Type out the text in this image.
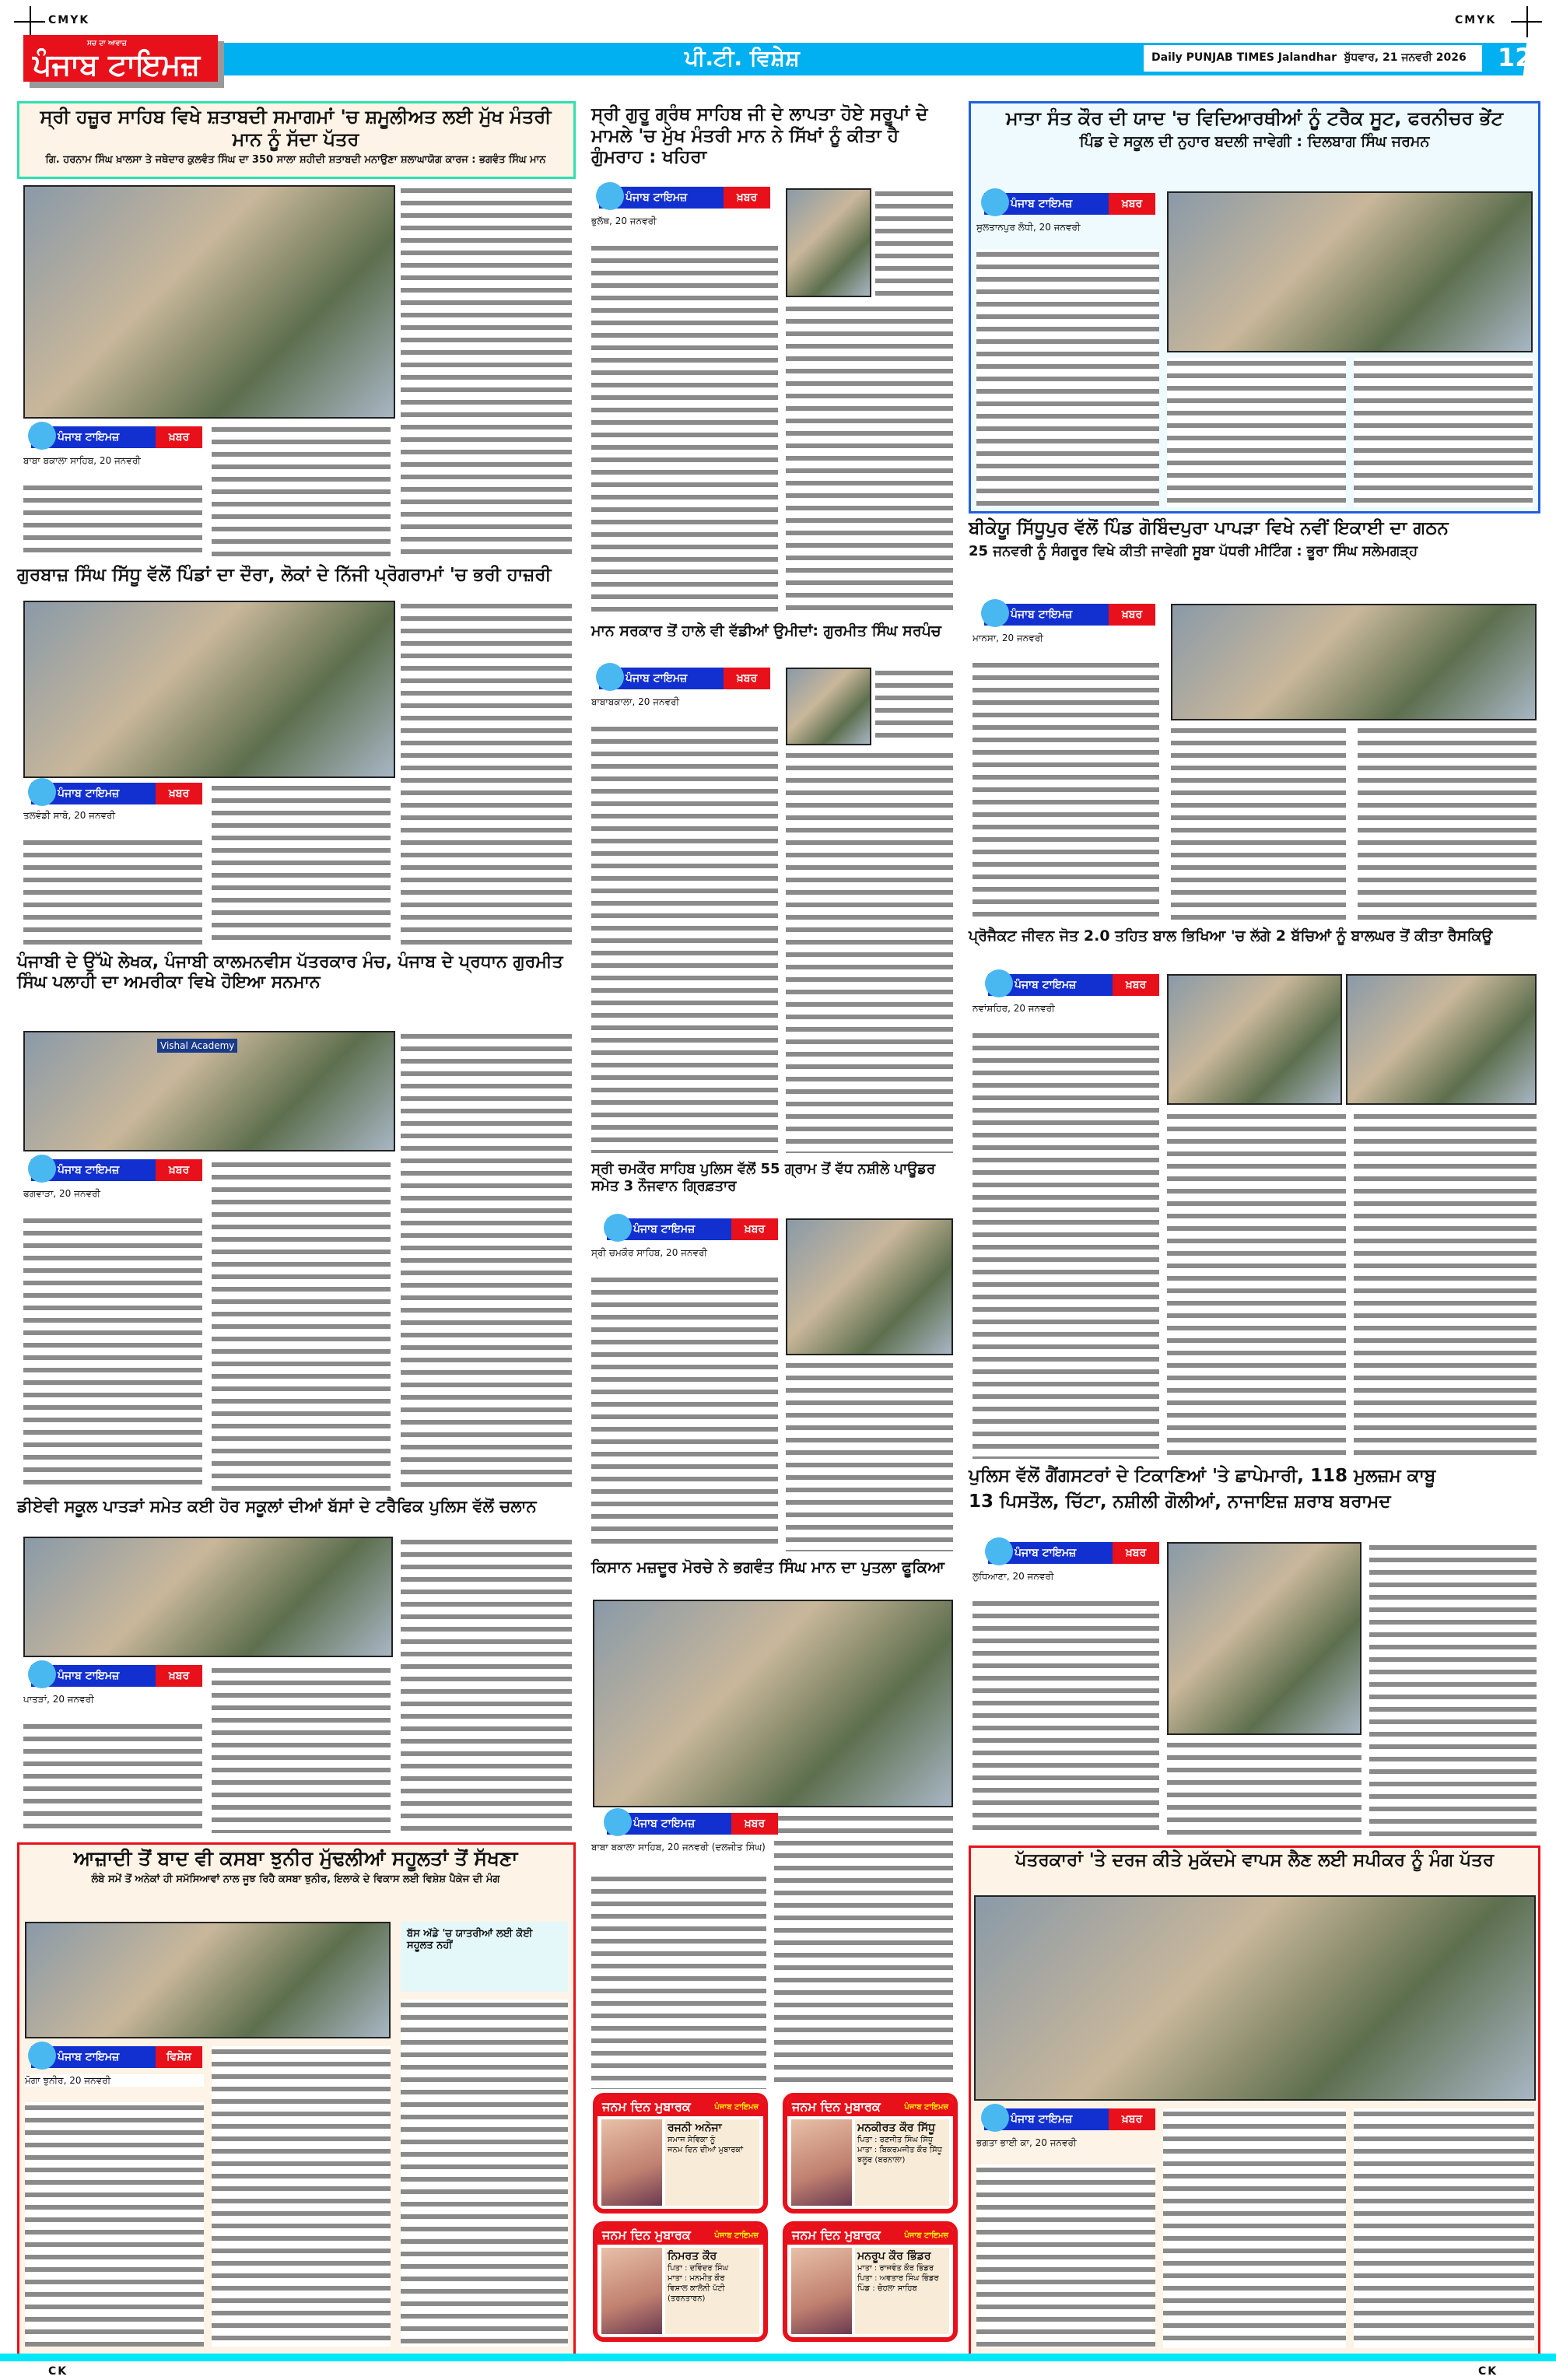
CMYK	CMYK
ਸਚ ਦਾ ਆਵਾਜ਼
ਪੰਜਾਬ ਟਾਇਮਜ਼	ਪੀ.ਟੀ. ਵਿਸ਼ੇਸ਼	Daily PUNJAB TIMES Jalandhar ਬੁੱਧਵਾਰ, 21 ਜਨਵਰੀ 2026	12
ਸ੍ਰੀ ਹਜ਼ੂਰ ਸਾਹਿਬ ਵਿਖੇ ਸ਼ਤਾਬਦੀ ਸਮਾਗਮਾਂ 'ਚ ਸ਼ਮੂਲੀਅਤ ਲਈ ਮੁੱਖ ਮੰਤਰੀ ਮਾਨ ਨੂੰ ਸੱਦਾ ਪੱਤਰ
ਗਿ. ਹਰਨਾਮ ਸਿੰਘ ਖ਼ਾਲਸਾ ਤੇ ਜਥੇਦਾਰ ਕੁਲਵੰਤ ਸਿੰਘ ਦਾ 350 ਸਾਲਾ ਸ਼ਹੀਦੀ ਸ਼ਤਾਬਦੀ ਮਨਾਉਣਾ ਸ਼ਲਾਘਾਯੋਗ ਕਾਰਜ : ਭਗਵੰਤ ਸਿੰਘ ਮਾਨ
ਪੰਜਾਬ ਟਾਇਮਜ਼	ਖ਼ਬਰ
ਬਾਬਾ ਬਕਾਲਾ ਸਾਹਿਬ, 20 ਜਨਵਰੀ
ਗੁਰਬਾਜ਼ ਸਿੰਘ ਸਿੱਧੂ ਵੱਲੋਂ ਪਿੰਡਾਂ ਦਾ ਦੌਰਾ, ਲੋਕਾਂ ਦੇ ਨਿੱਜੀ ਪ੍ਰੋਗਰਾਮਾਂ 'ਚ ਭਰੀ ਹਾਜ਼ਰੀ
ਪੰਜਾਬ ਟਾਇਮਜ਼	ਖ਼ਬਰ
ਤਲਵੰਡੀ ਸਾਬੋ, 20 ਜਨਵਰੀ
ਪੰਜਾਬੀ ਦੇ ਉੱਘੇ ਲੇਖਕ, ਪੰਜਾਬੀ ਕਾਲਮਨਵੀਸ ਪੱਤਰਕਾਰ ਮੰਚ, ਪੰਜਾਬ ਦੇ ਪ੍ਰਧਾਨ ਗੁਰਮੀਤ ਸਿੰਘ ਪਲਾਹੀ ਦਾ ਅਮਰੀਕਾ ਵਿਖੇ ਹੋਇਆ ਸਨਮਾਨ
Vishal Academy
ਪੰਜਾਬ ਟਾਇਮਜ਼	ਖ਼ਬਰ
ਫਗਵਾੜਾ, 20 ਜਨਵਰੀ
ਡੀਏਵੀ ਸਕੂਲ ਪਾਤੜਾਂ ਸਮੇਤ ਕਈ ਹੋਰ ਸਕੂਲਾਂ ਦੀਆਂ ਬੱਸਾਂ ਦੇ ਟਰੈਫਿਕ ਪੁਲਿਸ ਵੱਲੋਂ ਚਲਾਨ
ਪੰਜਾਬ ਟਾਇਮਜ਼	ਖ਼ਬਰ
ਪਾਤੜਾਂ, 20 ਜਨਵਰੀ
ਆਜ਼ਾਦੀ ਤੋਂ ਬਾਦ ਵੀ ਕਸਬਾ ਝੁਨੀਰ ਮੁੱਢਲੀਆਂ ਸਹੂਲਤਾਂ ਤੋਂ ਸੱਖਣਾ
ਲੰਬੇ ਸਮੇਂ ਤੋਂ ਅਨੇਕਾਂ ਹੀ ਸਮੱਸਿਆਵਾਂ ਨਾਲ ਜੂਝ ਰਿਹੈ ਕਸਬਾ ਝੁਨੀਰ, ਇਲਾਕੇ ਦੇ ਵਿਕਾਸ ਲਈ ਵਿਸ਼ੇਸ਼ ਪੈਕੇਜ ਦੀ ਮੰਗ
ਬੱਸ ਅੱਡੇ 'ਚ ਯਾਤਰੀਆਂ ਲਈ ਕੋਈ ਸਹੂਲਤ ਨਹੀਂ
ਪੰਜਾਬ ਟਾਇਮਜ਼	ਵਿਸ਼ੇਸ਼
ਮੋਗਾ ਝੁਨੀਰ, 20 ਜਨਵਰੀ
ਸ੍ਰੀ ਗੁਰੂ ਗ੍ਰੰਥ ਸਾਹਿਬ ਜੀ ਦੇ ਲਾਪਤਾ ਹੋਏ ਸਰੂਪਾਂ ਦੇ ਮਾਮਲੇ 'ਚ ਮੁੱਖ ਮੰਤਰੀ ਮਾਨ ਨੇ ਸਿੱਖਾਂ ਨੂੰ ਕੀਤਾ ਹੈ ਗੁੰਮਰਾਹ : ਖਹਿਰਾ
ਪੰਜਾਬ ਟਾਇਮਜ਼	ਖ਼ਬਰ
ਭੁਲੱਥ, 20 ਜਨਵਰੀ
ਮਾਨ ਸਰਕਾਰ ਤੋਂ ਹਾਲੇ ਵੀ ਵੱਡੀਆਂ ਉਮੀਦਾਂ: ਗੁਰਮੀਤ ਸਿੰਘ ਸਰਪੰਚ
ਪੰਜਾਬ ਟਾਇਮਜ਼	ਖ਼ਬਰ
ਬਾਬਾਬਕਾਲਾ, 20 ਜਨਵਰੀ
ਸ੍ਰੀ ਚਮਕੌਰ ਸਾਹਿਬ ਪੁਲਿਸ ਵੱਲੋਂ 55 ਗ੍ਰਾਮ ਤੋਂ ਵੱਧ ਨਸ਼ੀਲੇ ਪਾਊਡਰ ਸਮੇਤ 3 ਨੌਜਵਾਨ ਗ੍ਰਿਫ਼ਤਾਰ
ਪੰਜਾਬ ਟਾਇਮਜ਼	ਖ਼ਬਰ
ਸ੍ਰੀ ਚਮਕੌਰ ਸਾਹਿਬ, 20 ਜਨਵਰੀ
ਕਿਸਾਨ ਮਜ਼ਦੂਰ ਮੋਰਚੇ ਨੇ ਭਗਵੰਤ ਸਿੰਘ ਮਾਨ ਦਾ ਪੁਤਲਾ ਫੂਕਿਆ
ਪੰਜਾਬ ਟਾਇਮਜ਼	ਖ਼ਬਰ
ਬਾਬਾ ਬਕਾਲਾ ਸਾਹਿਬ, 20 ਜਨਵਰੀ (ਦਲਜੀਤ ਸਿੰਘ)
ਜਨਮ ਦਿਨ ਮੁਬਾਰਕ	ਪੰਜਾਬ ਟਾਇਮਜ਼
ਰਜਨੀ ਅਨੇਜਾ
ਸਮਾਜ ਸੇਵਿਕਾ ਨੂੰ
ਜਨਮ ਦਿਨ ਦੀਆਂ ਮੁਬਾਰਕਾਂ
ਜਨਮ ਦਿਨ ਮੁਬਾਰਕ	ਪੰਜਾਬ ਟਾਇਮਜ਼
ਮਨਕੀਰਤ ਕੌਰ ਸਿੱਧੂ
ਪਿਤਾ : ਰਣਜੀਤ ਸਿੰਘ ਸਿੱਧੂ
ਮਾਤਾ : ਬਿਕਰਮਜੀਤ ਕੌਰ ਸਿੱਧੂ
ਝਲੂਰ (ਬਰਨਾਲਾ)
ਜਨਮ ਦਿਨ ਮੁਬਾਰਕ	ਪੰਜਾਬ ਟਾਇਮਜ਼
ਨਿਮਰਤ ਕੌਰ
ਪਿਤਾ : ਦਵਿੰਦਰ ਸਿੰਘ
ਮਾਤਾ : ਮਨਮੀਤ ਕੌਰ
ਵਿਸ਼ਾਲ ਕਾਲੋਨੀ ਪੱਟੀ (ਤਰਨਤਾਰਨ)
ਜਨਮ ਦਿਨ ਮੁਬਾਰਕ	ਪੰਜਾਬ ਟਾਇਮਜ਼
ਮਨਰੂਪ ਕੌਰ ਭਿੰਡਰ
ਮਾਤਾ : ਰਾਜਵੰਤ ਕੌਰ ਭਿੰਡਰ
ਪਿਤਾ : ਅਵਤਾਰ ਸਿੰਘ ਭਿੰਡਰ
ਪਿੰਡ : ਚੋਹਲਾ ਸਾਹਿਬ
ਮਾਤਾ ਸੰਤ ਕੌਰ ਦੀ ਯਾਦ 'ਚ ਵਿਦਿਆਰਥੀਆਂ ਨੂੰ ਟਰੈਕ ਸੂਟ, ਫਰਨੀਚਰ ਭੇਂਟ
ਪਿੰਡ ਦੇ ਸਕੂਲ ਦੀ ਨੁਹਾਰ ਬਦਲੀ ਜਾਵੇਗੀ : ਦਿਲਬਾਗ ਸਿੰਘ ਜਰਮਨ
ਪੰਜਾਬ ਟਾਇਮਜ਼	ਖ਼ਬਰ
ਸੁਲਤਾਨਪੁਰ ਲੋਧੀ, 20 ਜਨਵਰੀ
ਬੀਕੇਯੂ ਸਿੱਧੂਪੁਰ ਵੱਲੋਂ ਪਿੰਡ ਗੋਬਿੰਦਪੁਰਾ ਪਾਪੜਾ ਵਿਖੇ ਨਵੀਂ ਇਕਾਈ ਦਾ ਗਠਨ
25 ਜਨਵਰੀ ਨੂੰ ਸੰਗਰੂਰ ਵਿਖੇ ਕੀਤੀ ਜਾਵੇਗੀ ਸੂਬਾ ਪੱਧਰੀ ਮੀਟਿੰਗ : ਭੂਰਾ ਸਿੰਘ ਸਲੇਮਗੜ੍ਹ
ਪੰਜਾਬ ਟਾਇਮਜ਼	ਖ਼ਬਰ
ਮਾਨਸਾ, 20 ਜਨਵਰੀ
ਪ੍ਰੋਜੈਕਟ ਜੀਵਨ ਜੋਤ 2.0 ਤਹਿਤ ਬਾਲ ਭਿਖਿਆ 'ਚ ਲੱਗੇ 2 ਬੱਚਿਆਂ ਨੂੰ ਬਾਲਘਰ ਤੋਂ ਕੀਤਾ ਰੈਸਕਿਊ
ਪੰਜਾਬ ਟਾਇਮਜ਼	ਖ਼ਬਰ
ਨਵਾਂਸ਼ਹਿਰ, 20 ਜਨਵਰੀ
ਪੁਲਿਸ ਵੱਲੋਂ ਗੈਂਗਸਟਰਾਂ ਦੇ ਟਿਕਾਣਿਆਂ 'ਤੇ ਛਾਪੇਮਾਰੀ, 118 ਮੁਲਜ਼ਮ ਕਾਬੂ
13 ਪਿਸਤੌਲ, ਚਿੱਟਾ, ਨਸ਼ੀਲੀ ਗੋਲੀਆਂ, ਨਾਜਾਇਜ਼ ਸ਼ਰਾਬ ਬਰਾਮਦ
ਪੰਜਾਬ ਟਾਇਮਜ਼	ਖ਼ਬਰ
ਲੁਧਿਆਣਾ, 20 ਜਨਵਰੀ
ਪੱਤਰਕਾਰਾਂ 'ਤੇ ਦਰਜ ਕੀਤੇ ਮੁਕੱਦਮੇ ਵਾਪਸ ਲੈਣ ਲਈ ਸਪੀਕਰ ਨੂੰ ਮੰਗ ਪੱਤਰ
ਪੰਜਾਬ ਟਾਇਮਜ਼	ਖ਼ਬਰ
ਭਗਤਾ ਭਾਈ ਕਾ, 20 ਜਨਵਰੀ
CK	CK
